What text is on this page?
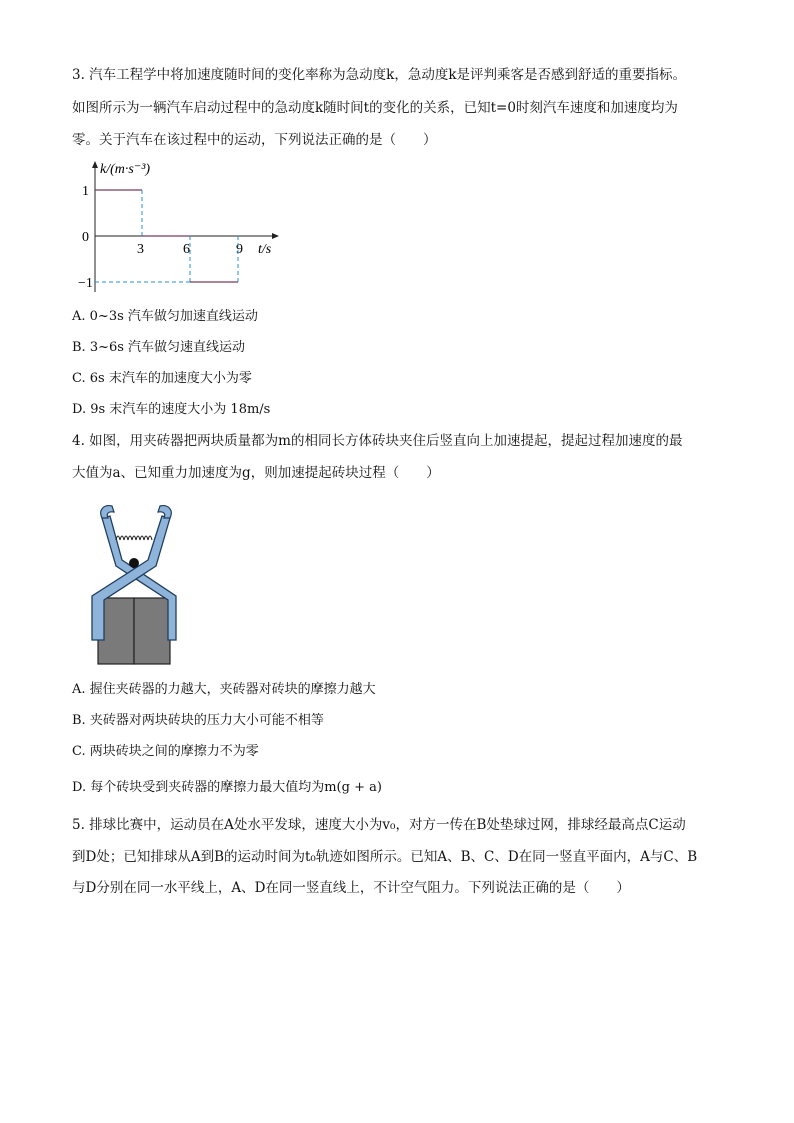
3. 汽车工程学中将加速度随时间的变化率称为急动度k，急动度k是评判乘客是否感到舒适的重要指标。
如图所示为一辆汽车启动过程中的急动度k随时间t的变化的关系，已知t=0时刻汽车速度和加速度均为
零。关于汽车在该过程中的运动，下列说法正确的是（　　）
k/(m·s⁻³)
t/s
1
0
−1
3	6	9
A. 0~3s 汽车做匀加速直线运动
B. 3~6s 汽车做匀速直线运动
C. 6s 末汽车的加速度大小为零
D. 9s 末汽车的速度大小为 18m/s
4. 如图，用夹砖器把两块质量都为m的相同长方体砖块夹住后竖直向上加速提起，提起过程加速度的最
大值为a、已知重力加速度为g，则加速提起砖块过程（　　）
A. 握住夹砖器的力越大，夹砖器对砖块的摩擦力越大
B. 夹砖器对两块砖块的压力大小可能不相等
C. 两块砖块之间的摩擦力不为零
D. 每个砖块受到夹砖器的摩擦力最大值均为m(g + a)
5. 排球比赛中，运动员在A处水平发球，速度大小为v₀，对方一传在B处垫球过网，排球经最高点C运动
到D处；已知排球从A到B的运动时间为t₀轨迹如图所示。已知A、B、C、D在同一竖直平面内，A与C、B
与D分别在同一水平线上，A、D在同一竖直线上，不计空气阻力。下列说法正确的是（　　）
